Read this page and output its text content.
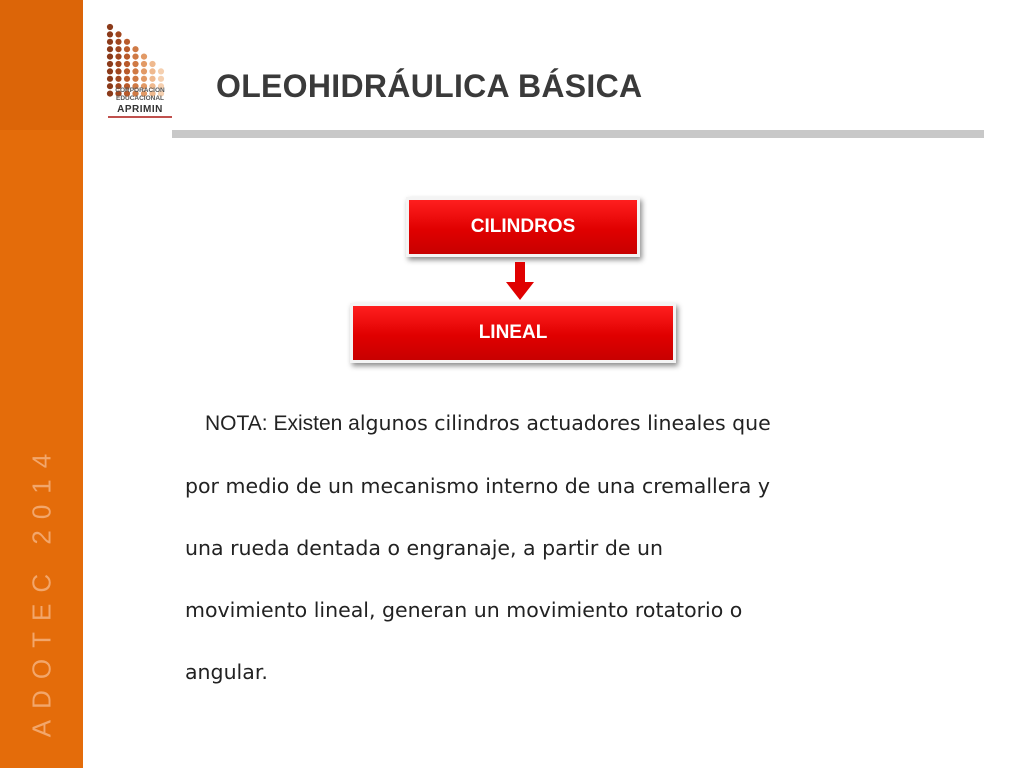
ADOTEC 2014
CORPORACION
EDUCACIONAL
APRIMIN
OLEOHIDRÁULICA BÁSICA
CILINDROS
LINEAL
NOTA: Existen algunos cilindros actuadores lineales que
por medio de un mecanismo interno de una cremallera y
una rueda dentada o engranaje, a partir de un
movimiento lineal, generan un movimiento rotatorio o
angular.
